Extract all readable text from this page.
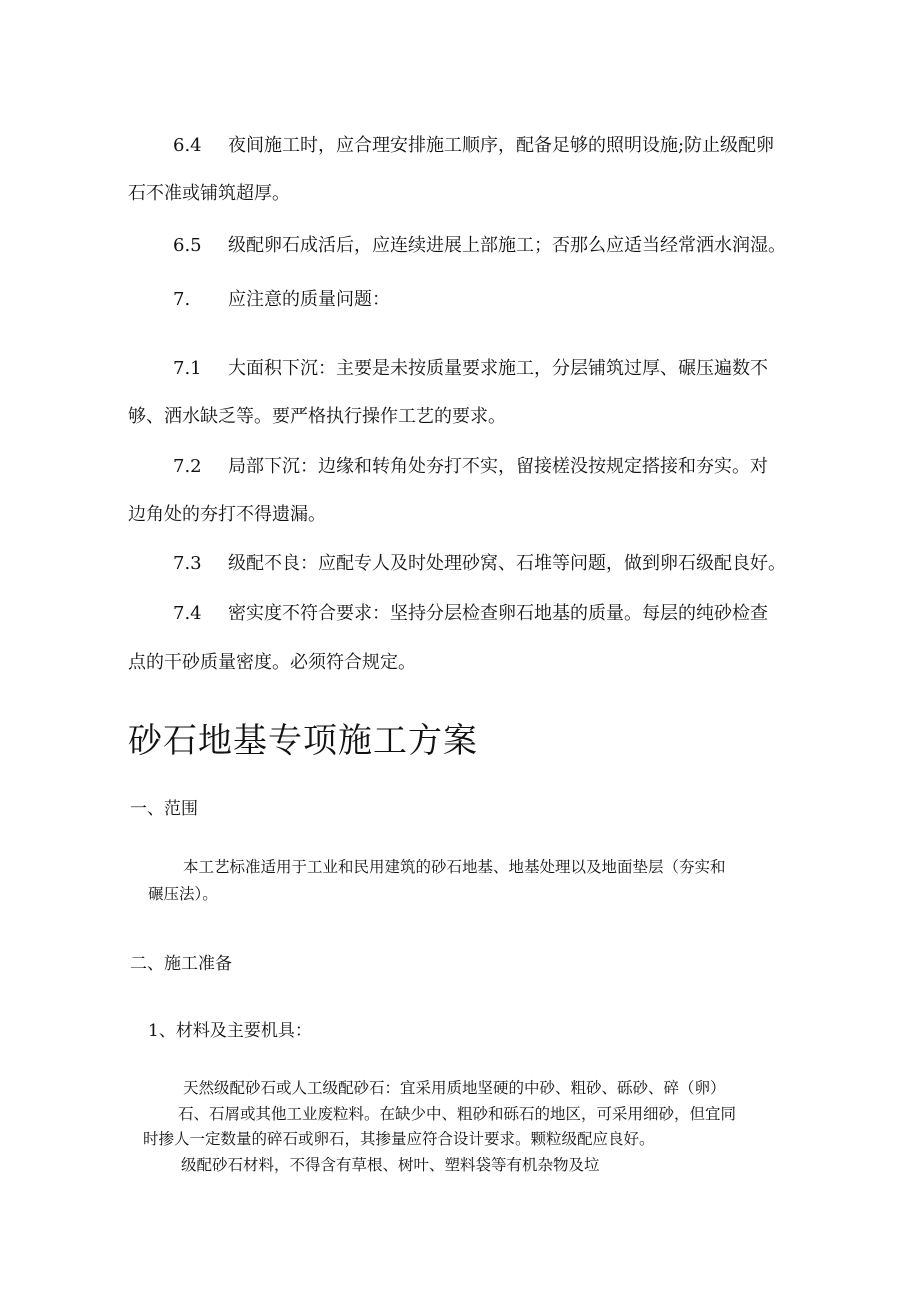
6.4 夜间施工时，应合理安排施工顺序，配备足够的照明设施;防止级配卵
石不准或铺筑超厚。
6.5 级配卵石成活后，应连续进展上部施工；否那么应适当经常洒水润湿。
7. 应注意的质量问题：
7.1 大面积下沉：主要是未按质量要求施工，分层铺筑过厚、碾压遍数不
够、洒水缺乏等。要严格执行操作工艺的要求。
7.2 局部下沉：边缘和转角处夯打不实，留接槎没按规定搭接和夯实。对
边角处的夯打不得遗漏。
7.3 级配不良：应配专人及时处理砂窝、石堆等问题，做到卵石级配良好。
7.4 密实度不符合要求：坚持分层检查卵石地基的质量。每层的纯砂检查
点的干砂质量密度。必须符合规定。
砂石地基专项施工方案
一、范围
本工艺标准适用于工业和民用建筑的砂石地基、地基处理以及地面垫层（夯实和
碾压法）。
二、施工准备
1、材料及主要机具：
天然级配砂石或人工级配砂石：宜采用质地坚硬的中砂、粗砂、砾砂、碎（卵）
石、石屑或其他工业废粒料。在缺少中、粗砂和砾石的地区，可采用细砂，但宜同
时掺人一定数量的碎石或卵石，其掺量应符合设计要求。颗粒级配应良好。
级配砂石材料，不得含有草根、树叶、塑料袋等有机杂物及垃
